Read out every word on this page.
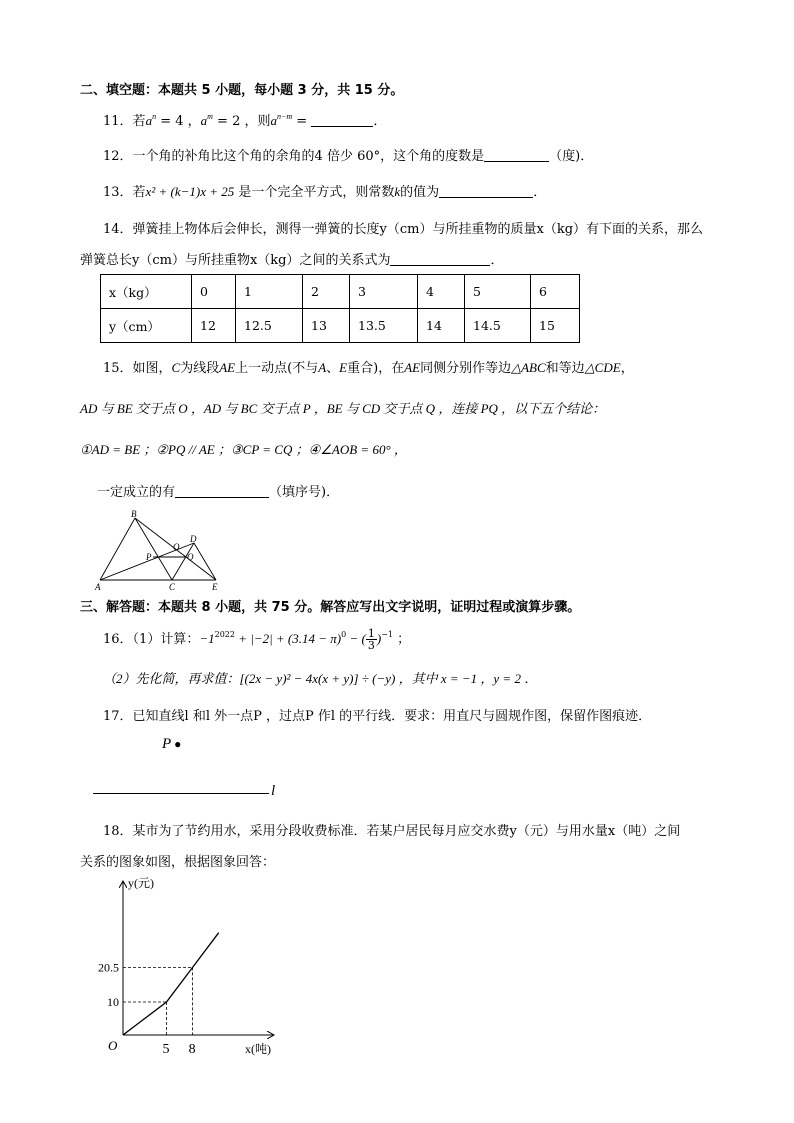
二、填空题：本题共 5 小题，每小题 3 分，共 15 分。
11．若$a^n = 4$ ，$a^m = 2$ ，则$a^{n-m}$ =	．
12．一个角的补角比这个角的余角的4 倍少 60°，这个角的度数是	（度)．
13．若x² + (k−1)x + 25 是一个完全平方式，则常数k的值为	．
14．弹簧挂上物体后会伸长，测得一弹簧的长度y（cm）与所挂重物的质量x（kg）有下面的关系，那么
弹簧总长y（cm）与所挂重物x（kg）之间的关系式为	．
x（kg）	0	1	2	3	4	5	6
y（cm）	12	12.5	13	13.5	14	14.5	15
15．如图，C为线段AE上一动点(不与A、E重合)，在AE同侧分别作等边△ABC和等边△CDE，
AD 与 BE 交于点 O ，AD 与 BC 交于点 P ，BE 与 CD 交于点 Q ，连接 PQ ，以下五个结论：
①AD = BE ；②PQ // AE ；③CP = CQ ；④∠AOB = 60° ，
一定成立的有	（填序号)．
B
D
O
P	Q
A	C	E
三、解答题：本题共 8 小题，共 75 分。解答应写出文字说明，证明过程或演算步骤。
16．（1）计算：$-1^{2022} + |-2| + (3.14 - \pi)^0$ − ( $\frac{1}{3} )^{-1}$ ；
（2）先化简，再求值：[(2x − y)² − 4x(x + y)] ÷ (−y) ，其中 x = −1 ，y = 2 ．
17．已知直线l 和l 外一点P ，过点P 作l 的平行线．要求：用直尺与圆规作图，保留作图痕迹．
P ●
l
18．某市为了节约用水，采用分段收费标准．若某户居民每月应交水费y（元）与用水量x（吨）之间
关系的图象如图，根据图象回答：
y(元)
x(吨)
O	5
10
8
20.5
